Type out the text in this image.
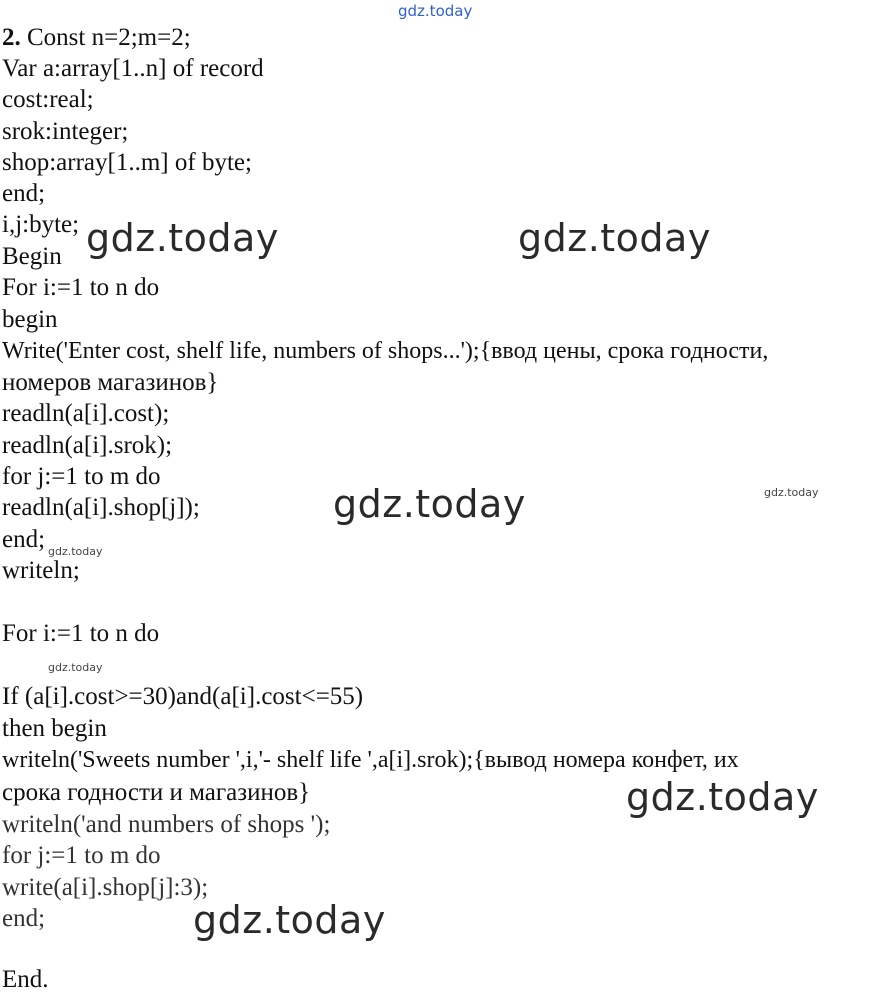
gdz.today
2. Const n=2;m=2;
Var a:array[1..n] of record
cost:real;
srok:integer;
shop:array[1..m] of byte;
end;
i,j:byte;
Begin
For i:=1 to n do
begin
Write('Enter cost, shelf life, numbers of shops...');{ввод цены, срока годности,
номеров магазинов}
readln(a[i].cost);
readln(a[i].srok);
for j:=1 to m do
readln(a[i].shop[j]);
end;
writeln;
For i:=1 to n do
If (a[i].cost>=30)and(a[i].cost<=55)
then begin
writeln('Sweets number ',i,'- shelf life ',a[i].srok);{вывод номера конфет, их
срока годности и магазинов}
writeln('and numbers of shops ');
for j:=1 to m do
write(a[i].shop[j]:3);
end;
End.
gdz.today	gdz.today
gdz.today
gdz.today
gdz.today
gdz.today
gdz.today
gdz.today
